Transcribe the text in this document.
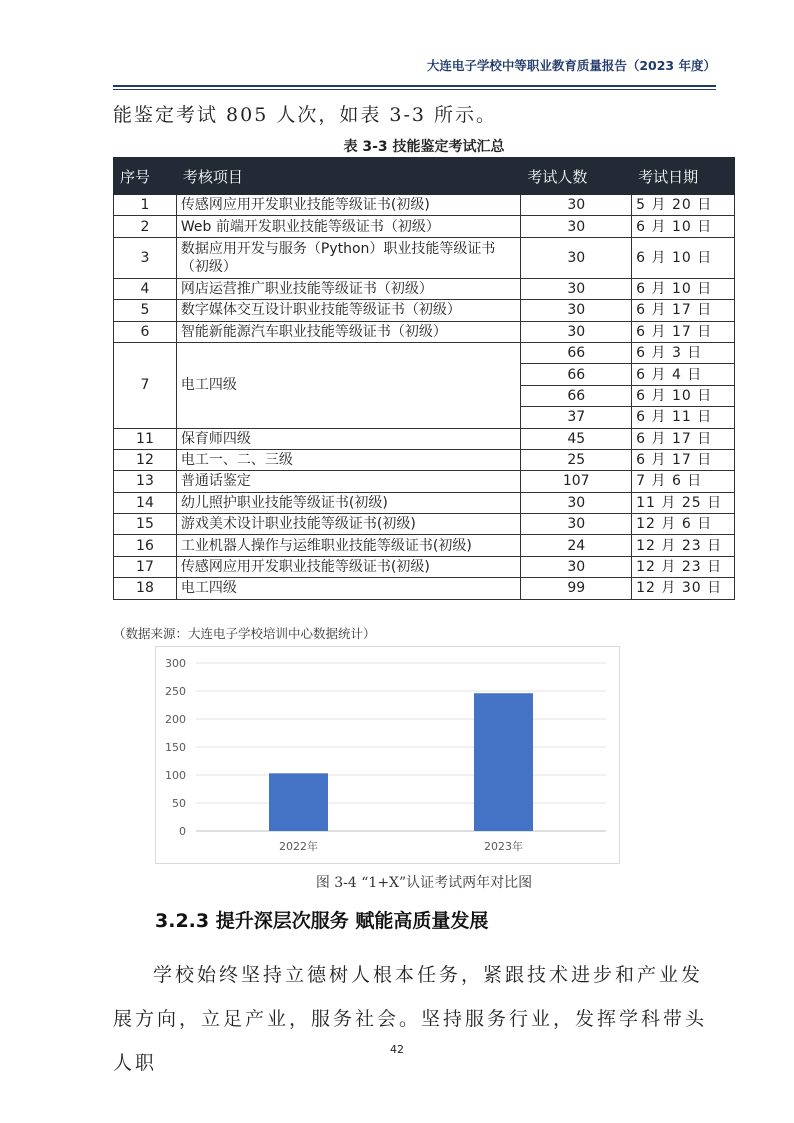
大连电子学校中等职业教育质量报告（2023 年度）
能鉴定考试 805 人次，如表 3-3 所示。
表 3-3 技能鉴定考试汇总
序号	考核项目	考试人数	考试日期
1	传感网应用开发职业技能等级证书(初级)	30	5 月 20 日
2	Web 前端开发职业技能等级证书（初级）	30	6 月 10 日
3	数据应用开发与服务（Python）职业技能等级证书（初级）	30	6 月 10 日
4	网店运营推广职业技能等级证书（初级）	30	6 月 10 日
5	数字媒体交互设计职业技能等级证书（初级）	30	6 月 17 日
6	智能新能源汽车职业技能等级证书（初级）	30	6 月 17 日
7	电工四级	66	6 月 3 日
		66	6 月 4 日
		66	6 月 10 日
		37	6 月 11 日
11	保育师四级	45	6 月 17 日
12	电工一、二、三级	25	6 月 17 日
13	普通话鉴定	107	7 月 6 日
14	幼儿照护职业技能等级证书(初级)	30	11 月 25 日
15	游戏美术设计职业技能等级证书(初级)	30	12 月 6 日
16	工业机器人操作与运维职业技能等级证书(初级)	24	12 月 23 日
17	传感网应用开发职业技能等级证书(初级)	30	12 月 23 日
18	电工四级	99	12 月 30 日
（数据来源：大连电子学校培训中心数据统计）
0
50
100
150
200
250
300
2022年	2023年
图 3-4 “1+X”认证考试两年对比图
3.2.3 提升深层次服务 赋能高质量发展
学校始终坚持立德树人根本任务，紧跟技术进步和产业发展方向，立足产业，服务社会。坚持服务行业，发挥学科带头人职
42
